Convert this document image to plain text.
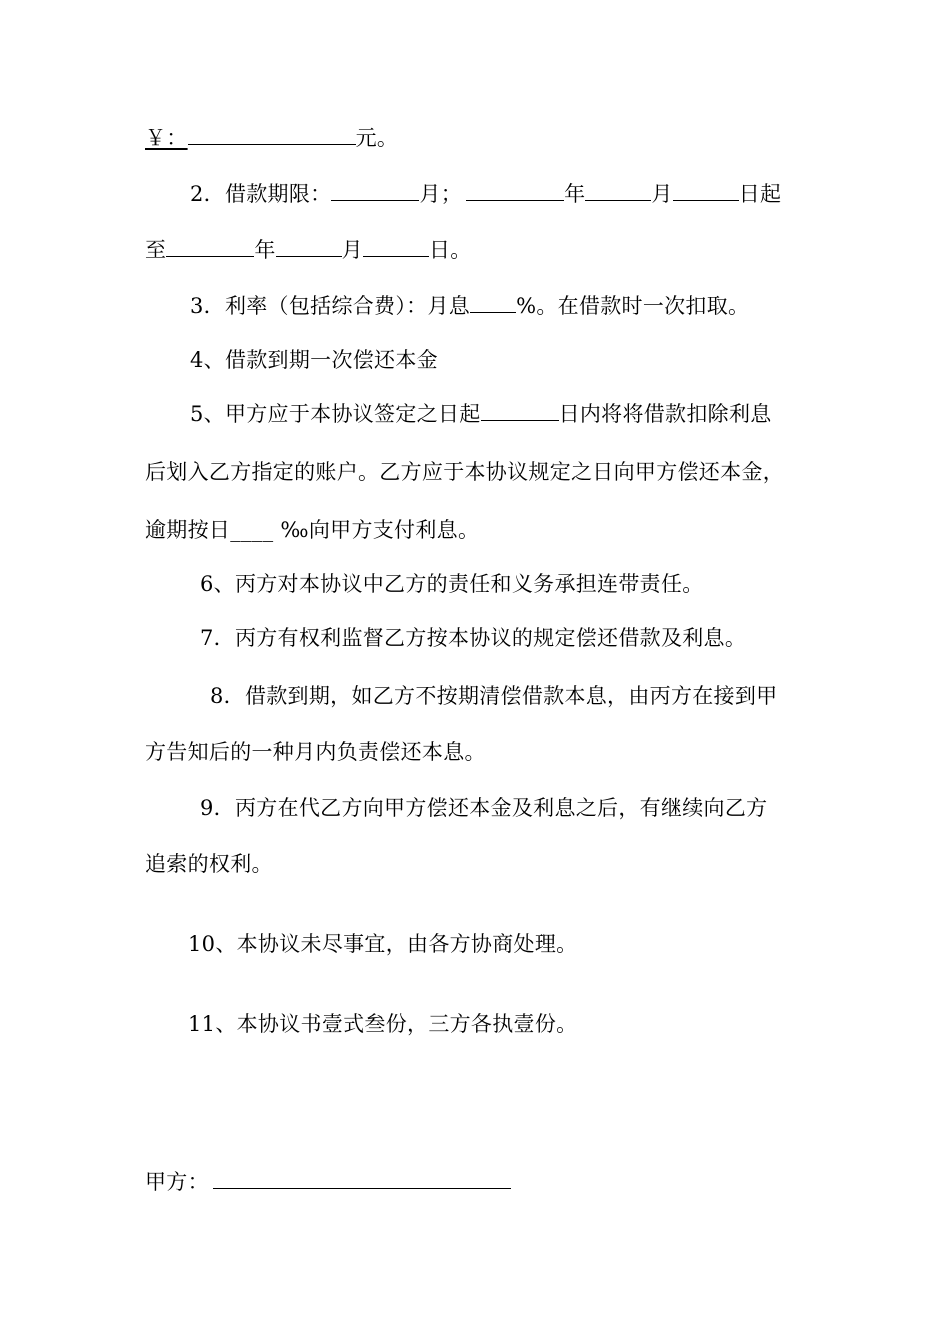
￥：	元。
2．借款期限：	月；	年	月	日起
至	年	月	日。
3．利率（包括综合费）：月息 %。在借款时一次扣取。
4、借款到期一次偿还本金
5、甲方应于本协议签定之日起	日内将将借款扣除利息
后划入乙方指定的账户。乙方应于本协议规定之日向甲方偿还本金，
逾期按日____ ‰向甲方支付利息。
6、丙方对本协议中乙方的责任和义务承担连带责任。
7．丙方有权利监督乙方按本协议的规定偿还借款及利息。
8．借款到期，如乙方不按期清偿借款本息，由丙方在接到甲
方告知后的一种月内负责偿还本息。
9．丙方在代乙方向甲方偿还本金及利息之后，有继续向乙方
追索的权利。
10、本协议未尽事宜，由各方协商处理。
11、本协议书壹式叁份，三方各执壹份。
甲方：
